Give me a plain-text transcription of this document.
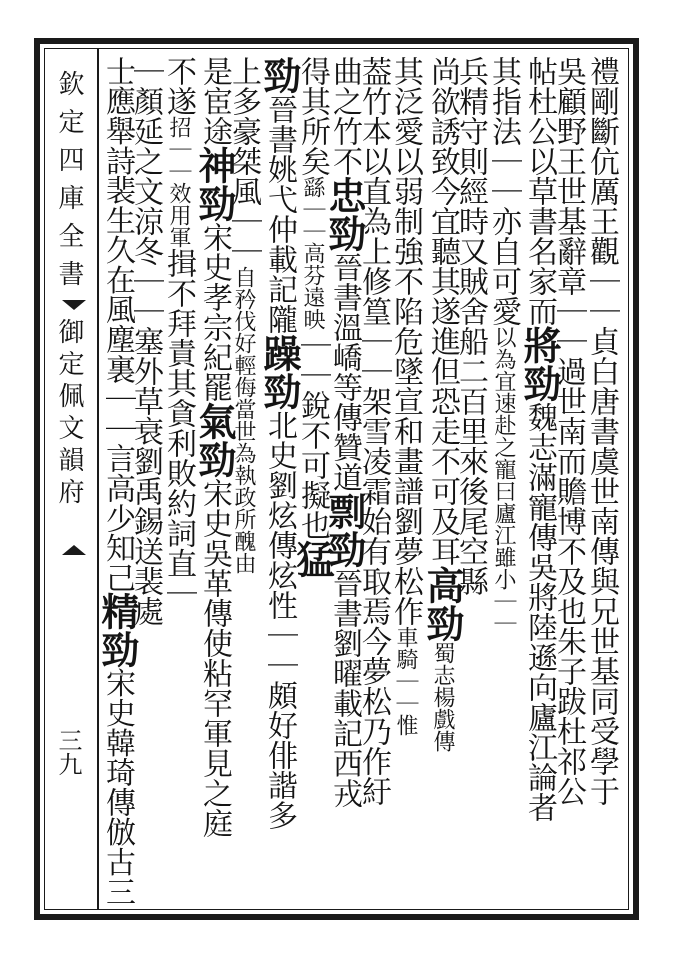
欽定四庫全書
御定佩文韻府
三九	禮剛斷伉厲王觀｜｜貞白唐書虞世南傳與兄世基同受學于
吳顧野王世基辭章｜｜過世南而贍博不及也朱子跋杜祁公
帖杜公以草書名家而將勁魏志滿寵傳吳將陸遜向廬江論者
其指法｜｜亦自可愛以為宜速赴之寵曰廬江雖小｜｜
兵精守則經時又賊舍船二百里來後尾空縣
尚欲誘致今宜聽其遂進但恐走不可及耳高勁蜀志楊戲傳
其泛愛以弱制強不陷危墜宣和畫譜劉夢松作車騎｜｜惟
葢竹本以直為上修篁｜｜架雪凌霜始有取焉今夢松乃作紆
曲之竹不忠勁晉書溫嶠等傳贊道剽勁晉書劉曜載記西戎
得其所矣繇｜｜高芬遠映｜｜銳不可擬也猛
勁晉書姚弋仲載記隴躁勁北史劉炫傳炫性｜｜頗好俳諧多
上多豪桀風｜｜自矜伐好輕侮當世為執政所醜由
是宦途神勁宋史孝宗紀罷氣勁宋史吳革傳使粘罕軍見之庭
不遂招｜｜效用軍揖不拜責其貪利敗約詞直｜
｜顏延之文涼冬｜｜塞外草衰劉禹錫送裴處
士應舉詩裴生久在風塵裏｜｜言高少知己精勁宋史韓琦傳倣古三
